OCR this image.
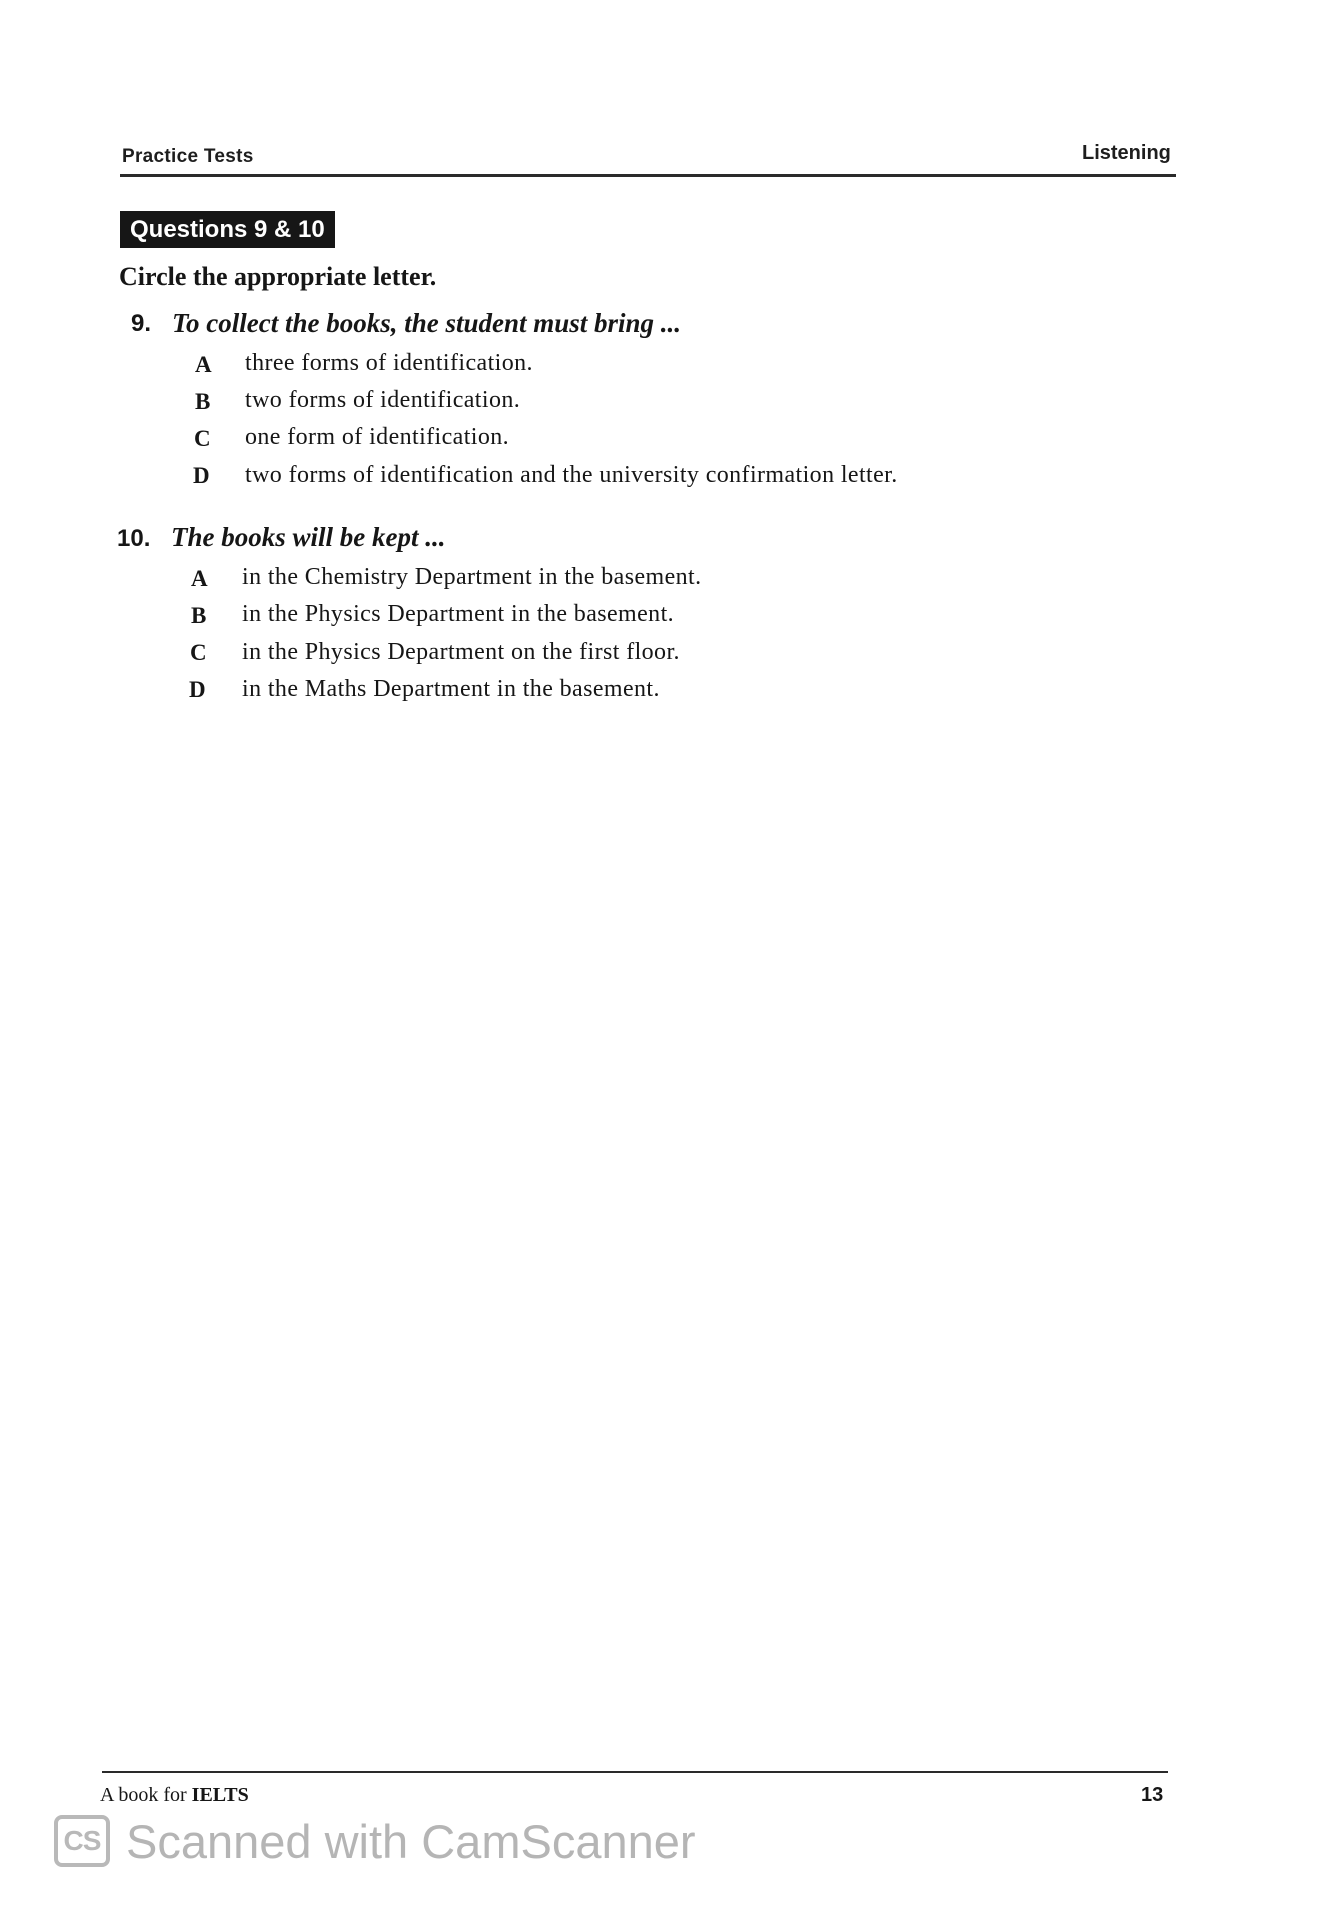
Practice Tests	Listening
Questions 9 & 10
Circle the appropriate letter.
9. To collect the books, the student must bring ...
A three forms of identification.
B two forms of identification.
C one form of identification.
D two forms of identification and the university confirmation letter.
10. The books will be kept ...
A in the Chemistry Department in the basement.
B in the Physics Department in the basement.
C in the Physics Department on the first floor.
D in the Maths Department in the basement.
A book for IELTS	13
CS Scanned with CamScanner
